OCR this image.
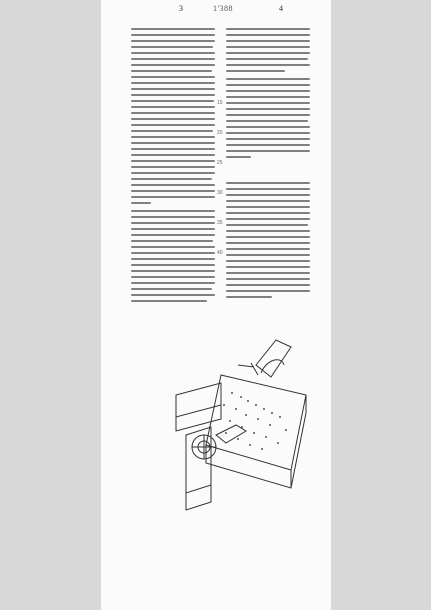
1'388
3	4
15
20
25
30
35
40
